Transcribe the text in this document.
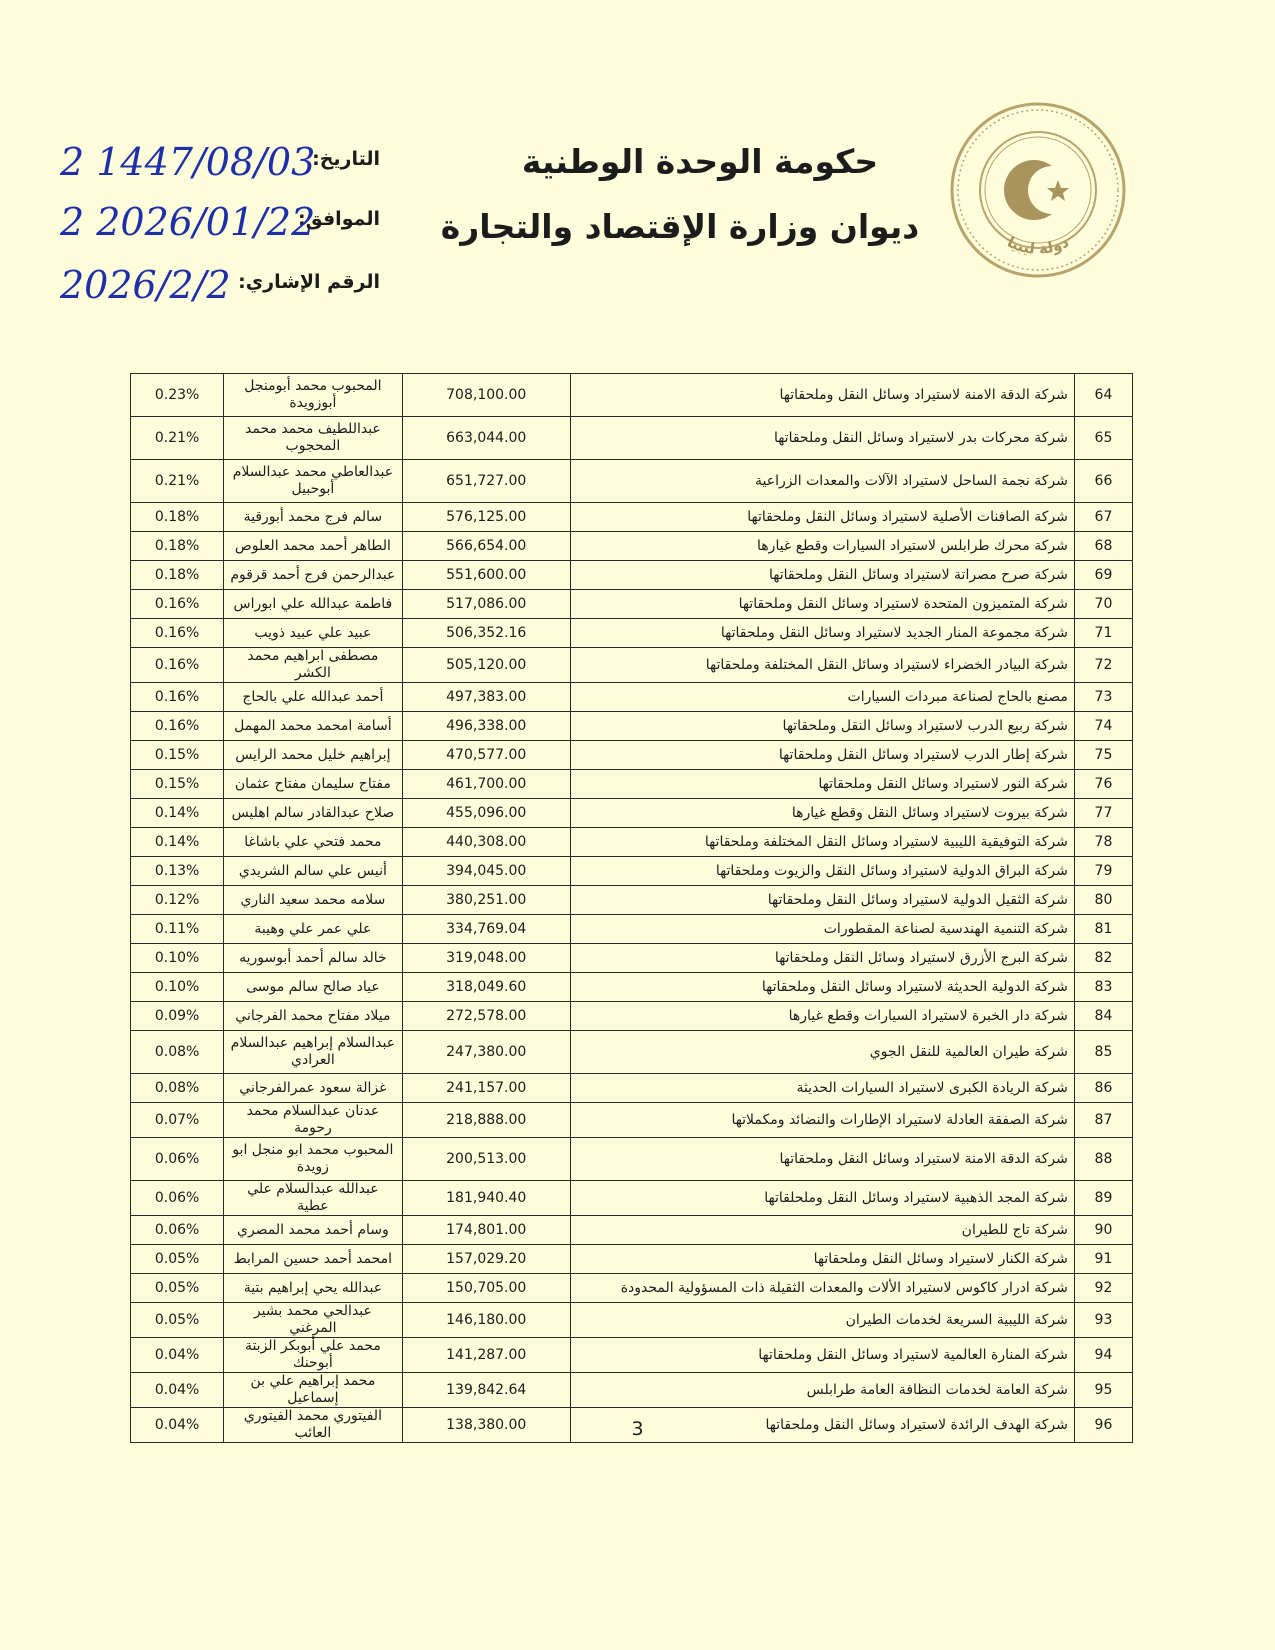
دولة ليبيا
حكومة الوحدة الوطنية
ديوان وزارة الإقتصاد والتجارة
التاريخ:
2 1447/08/03
الموافق:
2 2026/01/22
الرقم الإشاري:
2026/2/2
64	شركة الدقة الامنة لاستيراد وسائل النقل وملحقاتها	708,100.00	المحبوب محمد أبومنجل أبوزويدة	0.23%
65	شركة محركات بدر لاستيراد وسائل النقل وملحقاتها	663,044.00	عبداللطيف محمد محمد المحجوب	0.21%
66	شركة نجمة الساحل لاستيراد الآلات والمعدات الزراعية	651,727.00	عبدالعاطي محمد عبدالسلام أبوحبيل	0.21%
67	شركة الصافنات الأصلية لاستيراد وسائل النقل وملحقاتها	576,125.00	سالم فرج محمد أبورقية	0.18%
68	شركة محرك طرابلس لاستيراد السيارات وقطع غيارها	566,654.00	الطاهر أحمد محمد العلوص	0.18%
69	شركة صرح مصراتة لاستيراد وسائل النقل وملحقاتها	551,600.00	عبدالرحمن فرج أحمد قرقوم	0.18%
70	شركة المتميزون المتحدة لاستيراد وسائل النقل وملحقاتها	517,086.00	فاطمة عبدالله علي ابوراس	0.16%
71	شركة مجموعة المنار الجديد لاستيراد وسائل النقل وملحقاتها	506,352.16	عبيد علي عبيد ذويب	0.16%
72	شركة البيادر الخضراء لاستيراد وسائل النقل المختلفة وملحقاتها	505,120.00	مصطفى ابراهيم محمد الكشر	0.16%
73	مصنع بالحاج لصناعة مبردات السيارات	497,383.00	أحمد عبدالله علي بالحاج	0.16%
74	شركة ربيع الدرب لاستيراد وسائل النقل وملحقاتها	496,338.00	أسامة امحمد محمد المهمل	0.16%
75	شركة إطار الدرب لاستيراد وسائل النقل وملحقاتها	470,577.00	إبراهيم خليل محمد الرايس	0.15%
76	شركة النور لاستيراد وسائل النقل وملحقاتها	461,700.00	مفتاح سليمان مفتاح عثمان	0.15%
77	شركة بيروت لاستيراد وسائل النقل وقطع غيارها	455,096.00	صلاح عبدالقادر سالم اهليس	0.14%
78	شركة التوفيقية الليبية لاستيراد وسائل النقل المختلفة وملحقاتها	440,308.00	محمد فتحي علي باشاغا	0.14%
79	شركة البراق الدولية لاستيراد وسائل النقل والزيوت وملحقاتها	394,045.00	أنيس علي سالم الشريدي	0.13%
80	شركة الثقيل الدولية لاستيراد وسائل النقل وملحقاتها	380,251.00	سلامه محمد سعيد الناري	0.12%
81	شركة التنمية الهندسية لصناعة المقطورات	334,769.04	علي عمر علي وهيبة	0.11%
82	شركة البرج الأزرق لاستيراد وسائل النقل وملحقاتها	319,048.00	خالد سالم أحمد أبوسوريه	0.10%
83	شركة الدولية الحديثة لاستيراد وسائل النقل وملحقاتها	318,049.60	عياد صالح سالم موسى	0.10%
84	شركة دار الخبرة لاستيراد السيارات وقطع غيارها	272,578.00	ميلاد مفتاح محمد الفرجاني	0.09%
85	شركة طيران العالمية للنقل الجوي	247,380.00	عبدالسلام إبراهيم عبدالسلام العرادي	0.08%
86	شركة الريادة الكبرى لاستيراد السيارات الحديثة	241,157.00	غزالة سعود عمرالفرجاني	0.08%
87	شركة الصفقة العادلة لاستيراد الإطارات والنضائد ومكملاتها	218,888.00	عدنان عبدالسلام محمد رحومة	0.07%
88	شركة الدقة الامنة لاستيراد وسائل النقل وملحقاتها	200,513.00	المحبوب محمد ابو منجل ابو زويدة	0.06%
89	شركة المجد الذهبية لاستيراد وسائل النقل وملحلقاتها	181,940.40	عبدالله عبدالسلام علي عطية	0.06%
90	شركة تاج للطيران	174,801.00	وسام أحمد محمد المصري	0.06%
91	شركة الكنار لاستيراد وسائل النقل وملحقاتها	157,029.20	امحمد أحمد حسين المرابط	0.05%
92	شركة ادرار كاكوس لاستيراد الألات والمعدات الثقيلة ذات المسؤولية المحدودة	150,705.00	عبدالله يحي إبراهيم بتية	0.05%
93	شركة الليبية السريعة لخدمات الطيران	146,180.00	عبدالحي محمد بشير المرغني	0.05%
94	شركة المنارة العالمية لاستيراد وسائل النقل وملحقاتها	141,287.00	محمد علي أبوبكر الزبتة أبوحنك	0.04%
95	شركة العامة لخدمات النظافة العامة طرابلس	139,842.64	محمد إبراهيم علي بن إسماعيل	0.04%
96	شركة الهدف الرائدة لاستيراد وسائل النقل وملحقاتها	138,380.00	الفيتوري محمد الفيتوري العائب	0.04%	3
